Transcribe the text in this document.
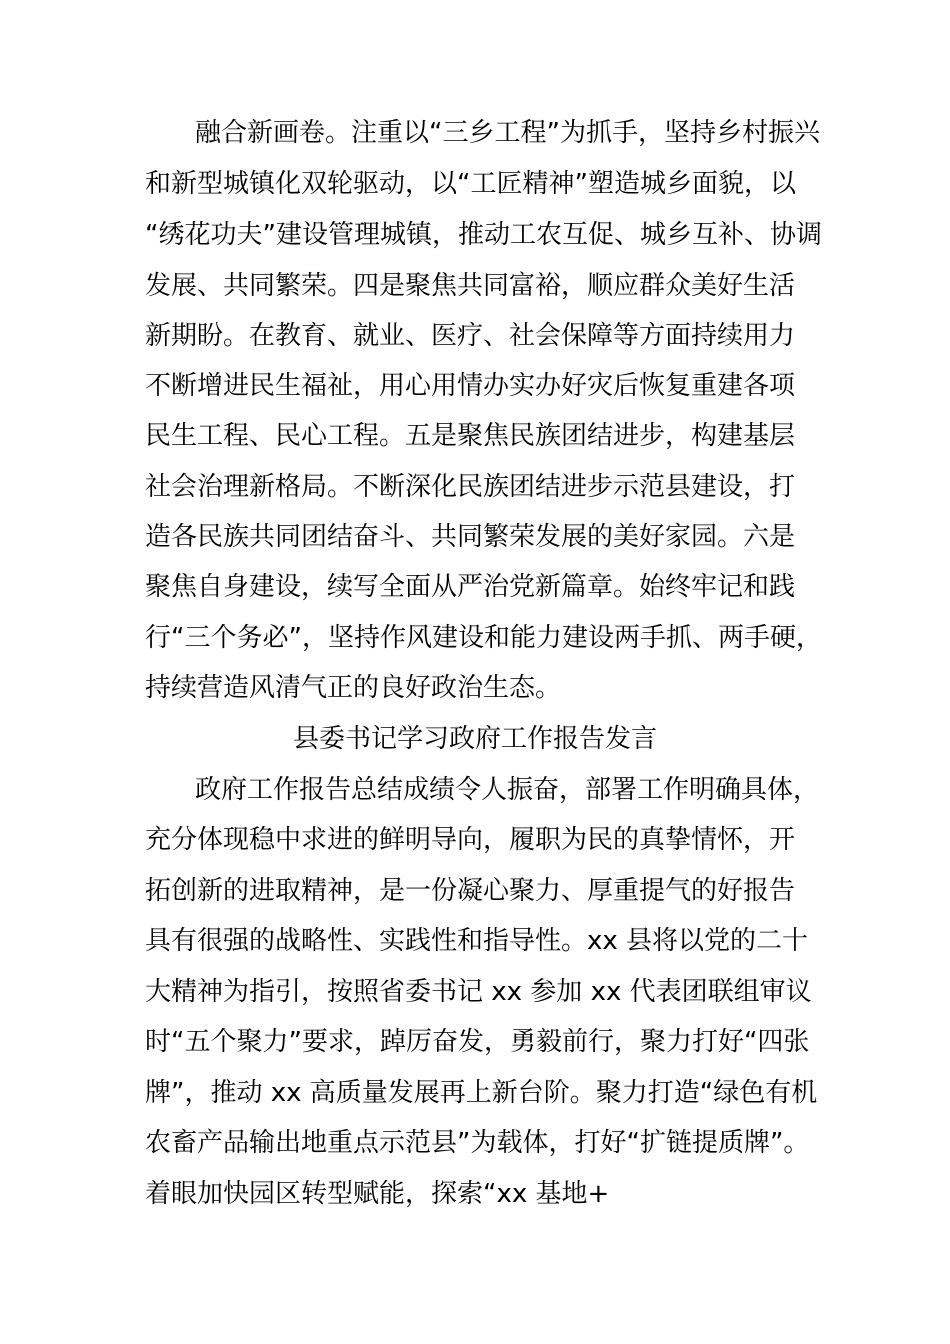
融合新画卷。注重以“三乡工程”为抓手，坚持乡村振兴
和新型城镇化双轮驱动，以“工匠精神”塑造城乡面貌，以
“绣花功夫”建设管理城镇，推动工农互促、城乡互补、协调
发展、共同繁荣。四是聚焦共同富裕，顺应群众美好生活
新期盼。在教育、就业、医疗、社会保障等方面持续用力
不断增进民生福祉，用心用情办实办好灾后恢复重建各项
民生工程、民心工程。五是聚焦民族团结进步，构建基层
社会治理新格局。不断深化民族团结进步示范县建设，打
造各民族共同团结奋斗、共同繁荣发展的美好家园。六是
聚焦自身建设，续写全面从严治党新篇章。始终牢记和践
行“三个务必”，坚持作风建设和能力建设两手抓、两手硬，
持续营造风清气正的良好政治生态。
县委书记学习政府工作报告发言
政府工作报告总结成绩令人振奋，部署工作明确具体，
充分体现稳中求进的鲜明导向，履职为民的真挚情怀，开
拓创新的进取精神，是一份凝心聚力、厚重提气的好报告
具有很强的战略性、实践性和指导性。xx 县将以党的二十
大精神为指引，按照省委书记 xx 参加 xx 代表团联组审议
时“五个聚力”要求，踔厉奋发，勇毅前行，聚力打好“四张
牌”，推动 xx 高质量发展再上新台阶。聚力打造“绿色有机
农畜产品输出地重点示范县”为载体，打好“扩链提质牌”。
着眼加快园区转型赋能，探索“xx 基地+
